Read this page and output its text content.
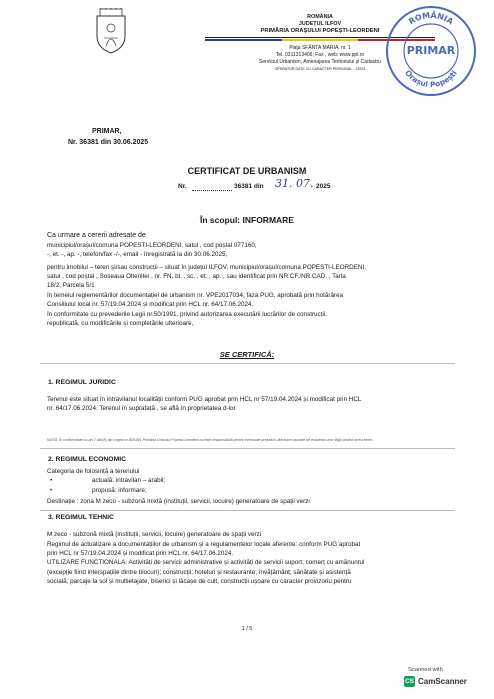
ROMÂNIA
JUDEȚUL ILFOV
PRIMĂRIA ORAȘULUI POPEȘTI-LEORDENI
Piața SFÂNTA MARIA, nr. 1
Tel. 0311313406; Fax , web: www.ppl.ro
Serviciul Urbanism, Amenajarea Teritoriului și Cadastru
OPERATOR DATE CU CARACTER PERSONAL · 13923
ROMÂNIA
Orașul Popești
PRIMAR
PRIMAR,
Nr. 36381 din 30.06.2025
CERTIFICAT DE URBANISM
Nr.	36381 din 31. 07. 2025
În scopul: INFORMARE
Ca urmare a cererii adresate de
municipiul/orașul/comuna POPESTI-LEORDENI, satul , cod poștal 077160,
-, et. -, ap. -, telefon/fax -/-, email - înregistrată la din 30.06.2025,
pentru imobilul – teren și/sau construcții – situat în județul ILFOV, municipiul/orașul/comuna POPESTI-LEORDENI,
satul , cod poștal , Soseaua Oltenitei , nr. FN, bl. , sc. , et. , ap. , sau identificat prin NR.CF./NR.CAD. , Tarla
18/2, Parcela 5/1
în temeiul reglementărilor documentației de urbanism nr. VPE2017034, faza PUG, aprobată prin hotărârea
Consiliului local nr. 57/19.04.2024 și modificat prin HCL nr. 64/17.06.2024.
în conformitate cu prevederile Legii nr.50/1991, privind autorizarea executării lucrărilor de construcții,
republicată, cu modificările și completările ulterioare,
SE CERTIFICĂ:
1. REGIMUL JURIDIC
Terenul este situat în intravilanul localității conform PUG aprobat prin HCL nr 57/19.04.2024 și modificat prin HCL
nr. 64/17.06.2024. Terenul în suprafață , se află în proprietatea d-lor
NOTĂ: În conformitate cu art.7 alin(8) din Legea nr.50/1991 Primăria Orașului Popești-Leordeni nu este responsabilă pentru eventuale prejudicii ulterioare cauzate de existența unor litigii privind acest teren.
2. REGIMUL ECONOMIC
Categoria de folosință a terenului
•	actuală: intravilan – arabil;
•	propusă: informare;
Destinație : zona M zeco - subzonă mixtă (instituții, servicii, locuire) generatoare de spații verzi
3. REGIMUL TEHNIC
M zeco - subzonă mixtă (instituții, servicii, locuire) generatoare de spații verzi
Regimul de actualizare a documentațiilor de urbanism și a regulamentelor locale aferente: conform PUG aprobat
prin HCL nr 57/19.04.2024 și modificat prin HCL nr. 64/17.06.2024.
UTILIZARE FUNCTIONALA: Activități de servicii administrative și activități de servicii suport; comerț cu amănuntul
(excepție fiind interspațiile dintre blocuri); construcții; hoteluri și restaurante; învățământ; sănătate și asistență
socială; parcaje la sol și multietajate, biserici și lăcașe de cult, construcții ușoare cu caracter provizoriu pentru
1 / 5
Scanned with
CS CamScanner
